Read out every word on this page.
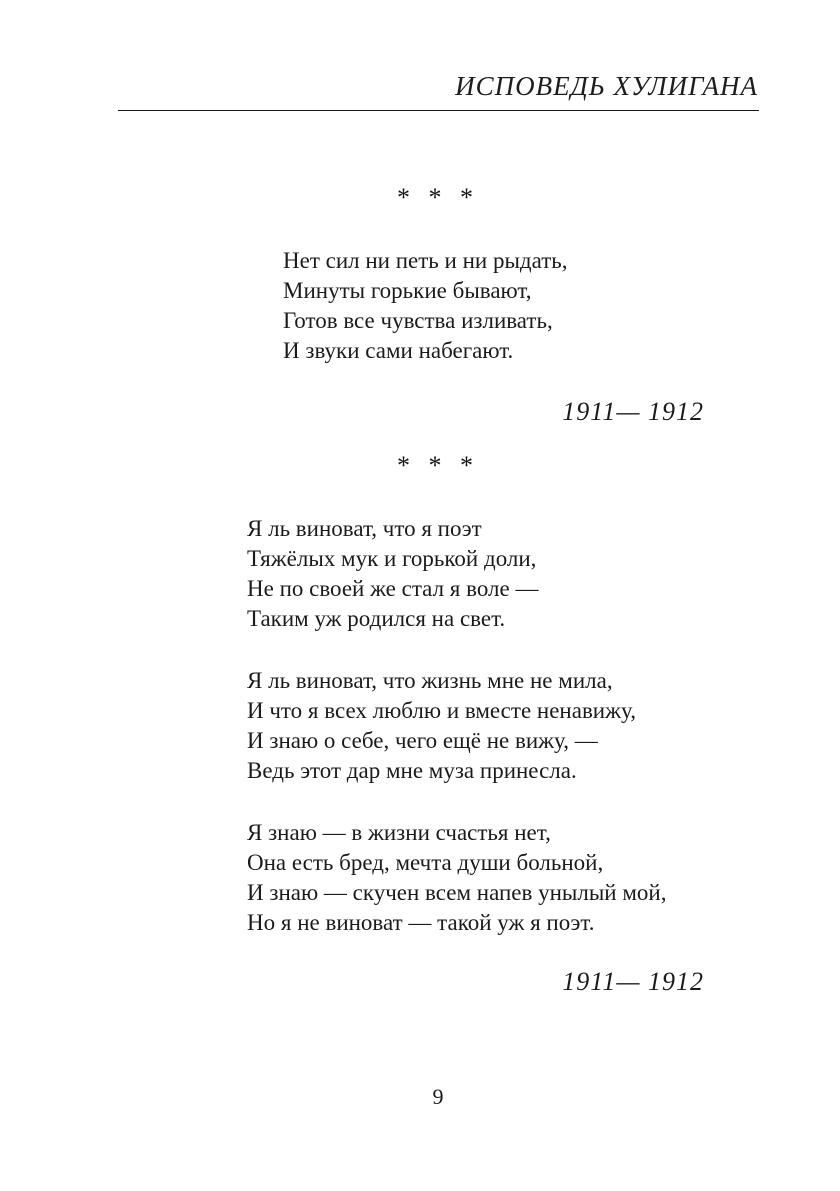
ИСПОВЕДЬ ХУЛИГАНА
* * *
Нет сил ни петь и ни рыдать,
Минуты горькие бывают,
Готов все чувства изливать,
И звуки сами набегают.
1911— 1912
* * *
Я ль виноват, что я поэт
Тяжёлых мук и горькой доли,
Не по своей же стал я воле —
Таким уж родился на свет.
Я ль виноват, что жизнь мне не мила,
И что я всех люблю и вместе ненавижу,
И знаю о себе, чего ещё не вижу, —
Ведь этот дар мне муза принесла.
Я знаю — в жизни счастья нет,
Она есть бред, мечта души больной,
И знаю — скучен всем напев унылый мой,
Но я не виноват — такой уж я поэт.
1911— 1912
9
